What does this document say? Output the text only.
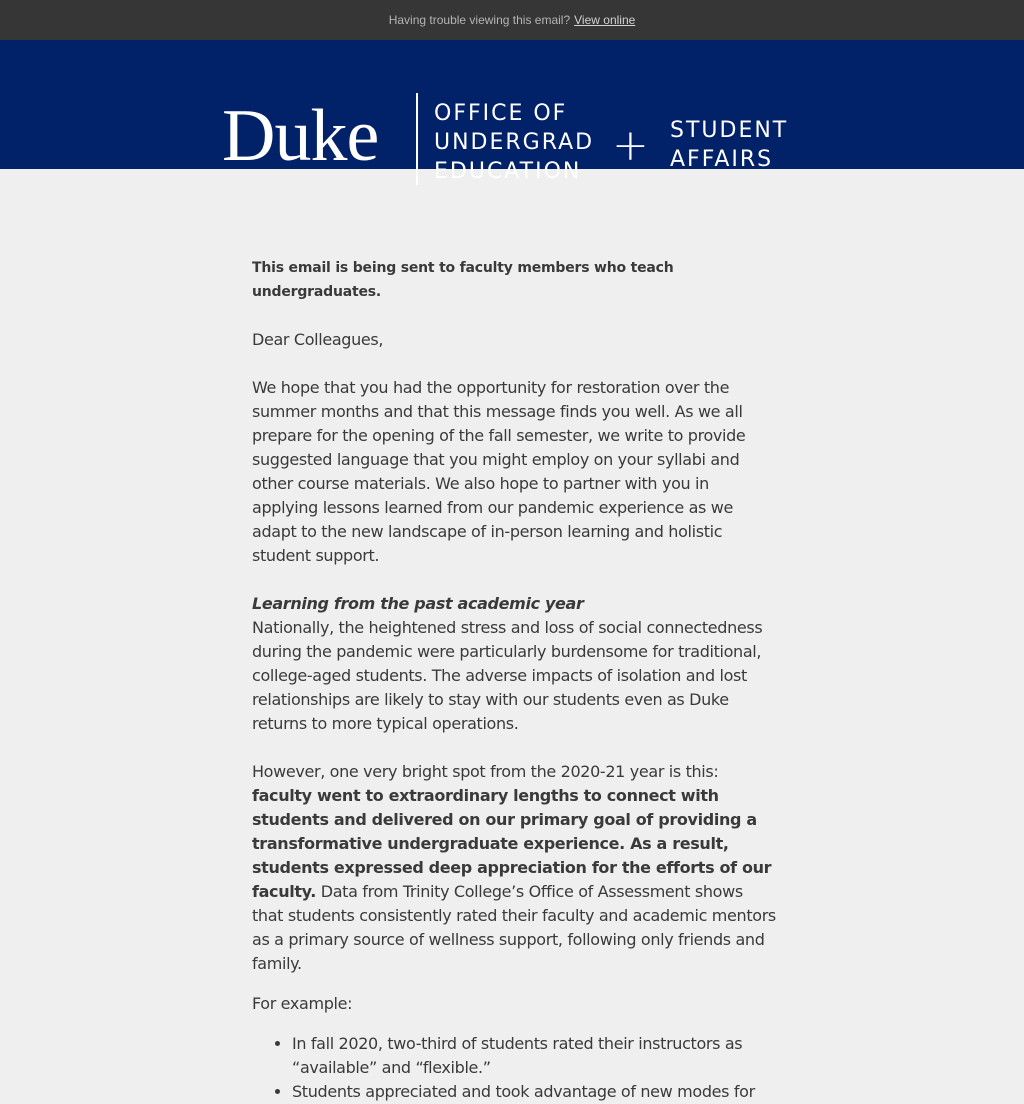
Having trouble viewing this email? View online
Duke	OFFICE OF
UNDERGRAD
EDUCATION
+ STUDENT
AFFAIRS

This email is being sent to faculty members who teach undergraduates.

Dear Colleagues,

We hope that you had the opportunity for restoration over the summer months and that this message finds you well. As we all prepare for the opening of the fall semester, we write to provide suggested language that you might employ on your syllabi and other course materials. We also hope to partner with you in applying lessons learned from our pandemic experience as we adapt to the new landscape of in-person learning and holistic student support.

Learning from the past academic year

Nationally, the heightened stress and loss of social connectedness during the pandemic were particularly burdensome for traditional, college-aged students. The adverse impacts of isolation and lost relationships are likely to stay with our students even as Duke returns to more typical operations.

However, one very bright spot from the 2020-21 year is this: faculty went to extraordinary lengths to connect with students and delivered on our primary goal of providing a transformative undergraduate experience. As a result, students expressed deep appreciation for the efforts of our faculty. Data from Trinity College’s Office of Assessment shows that students consistently rated their faculty and academic mentors as a primary source of wellness support, following only friends and family.

For example:

• In fall 2020, two-third of students rated their instructors as “available” and “flexible.”
• Students appreciated and took advantage of new modes for
